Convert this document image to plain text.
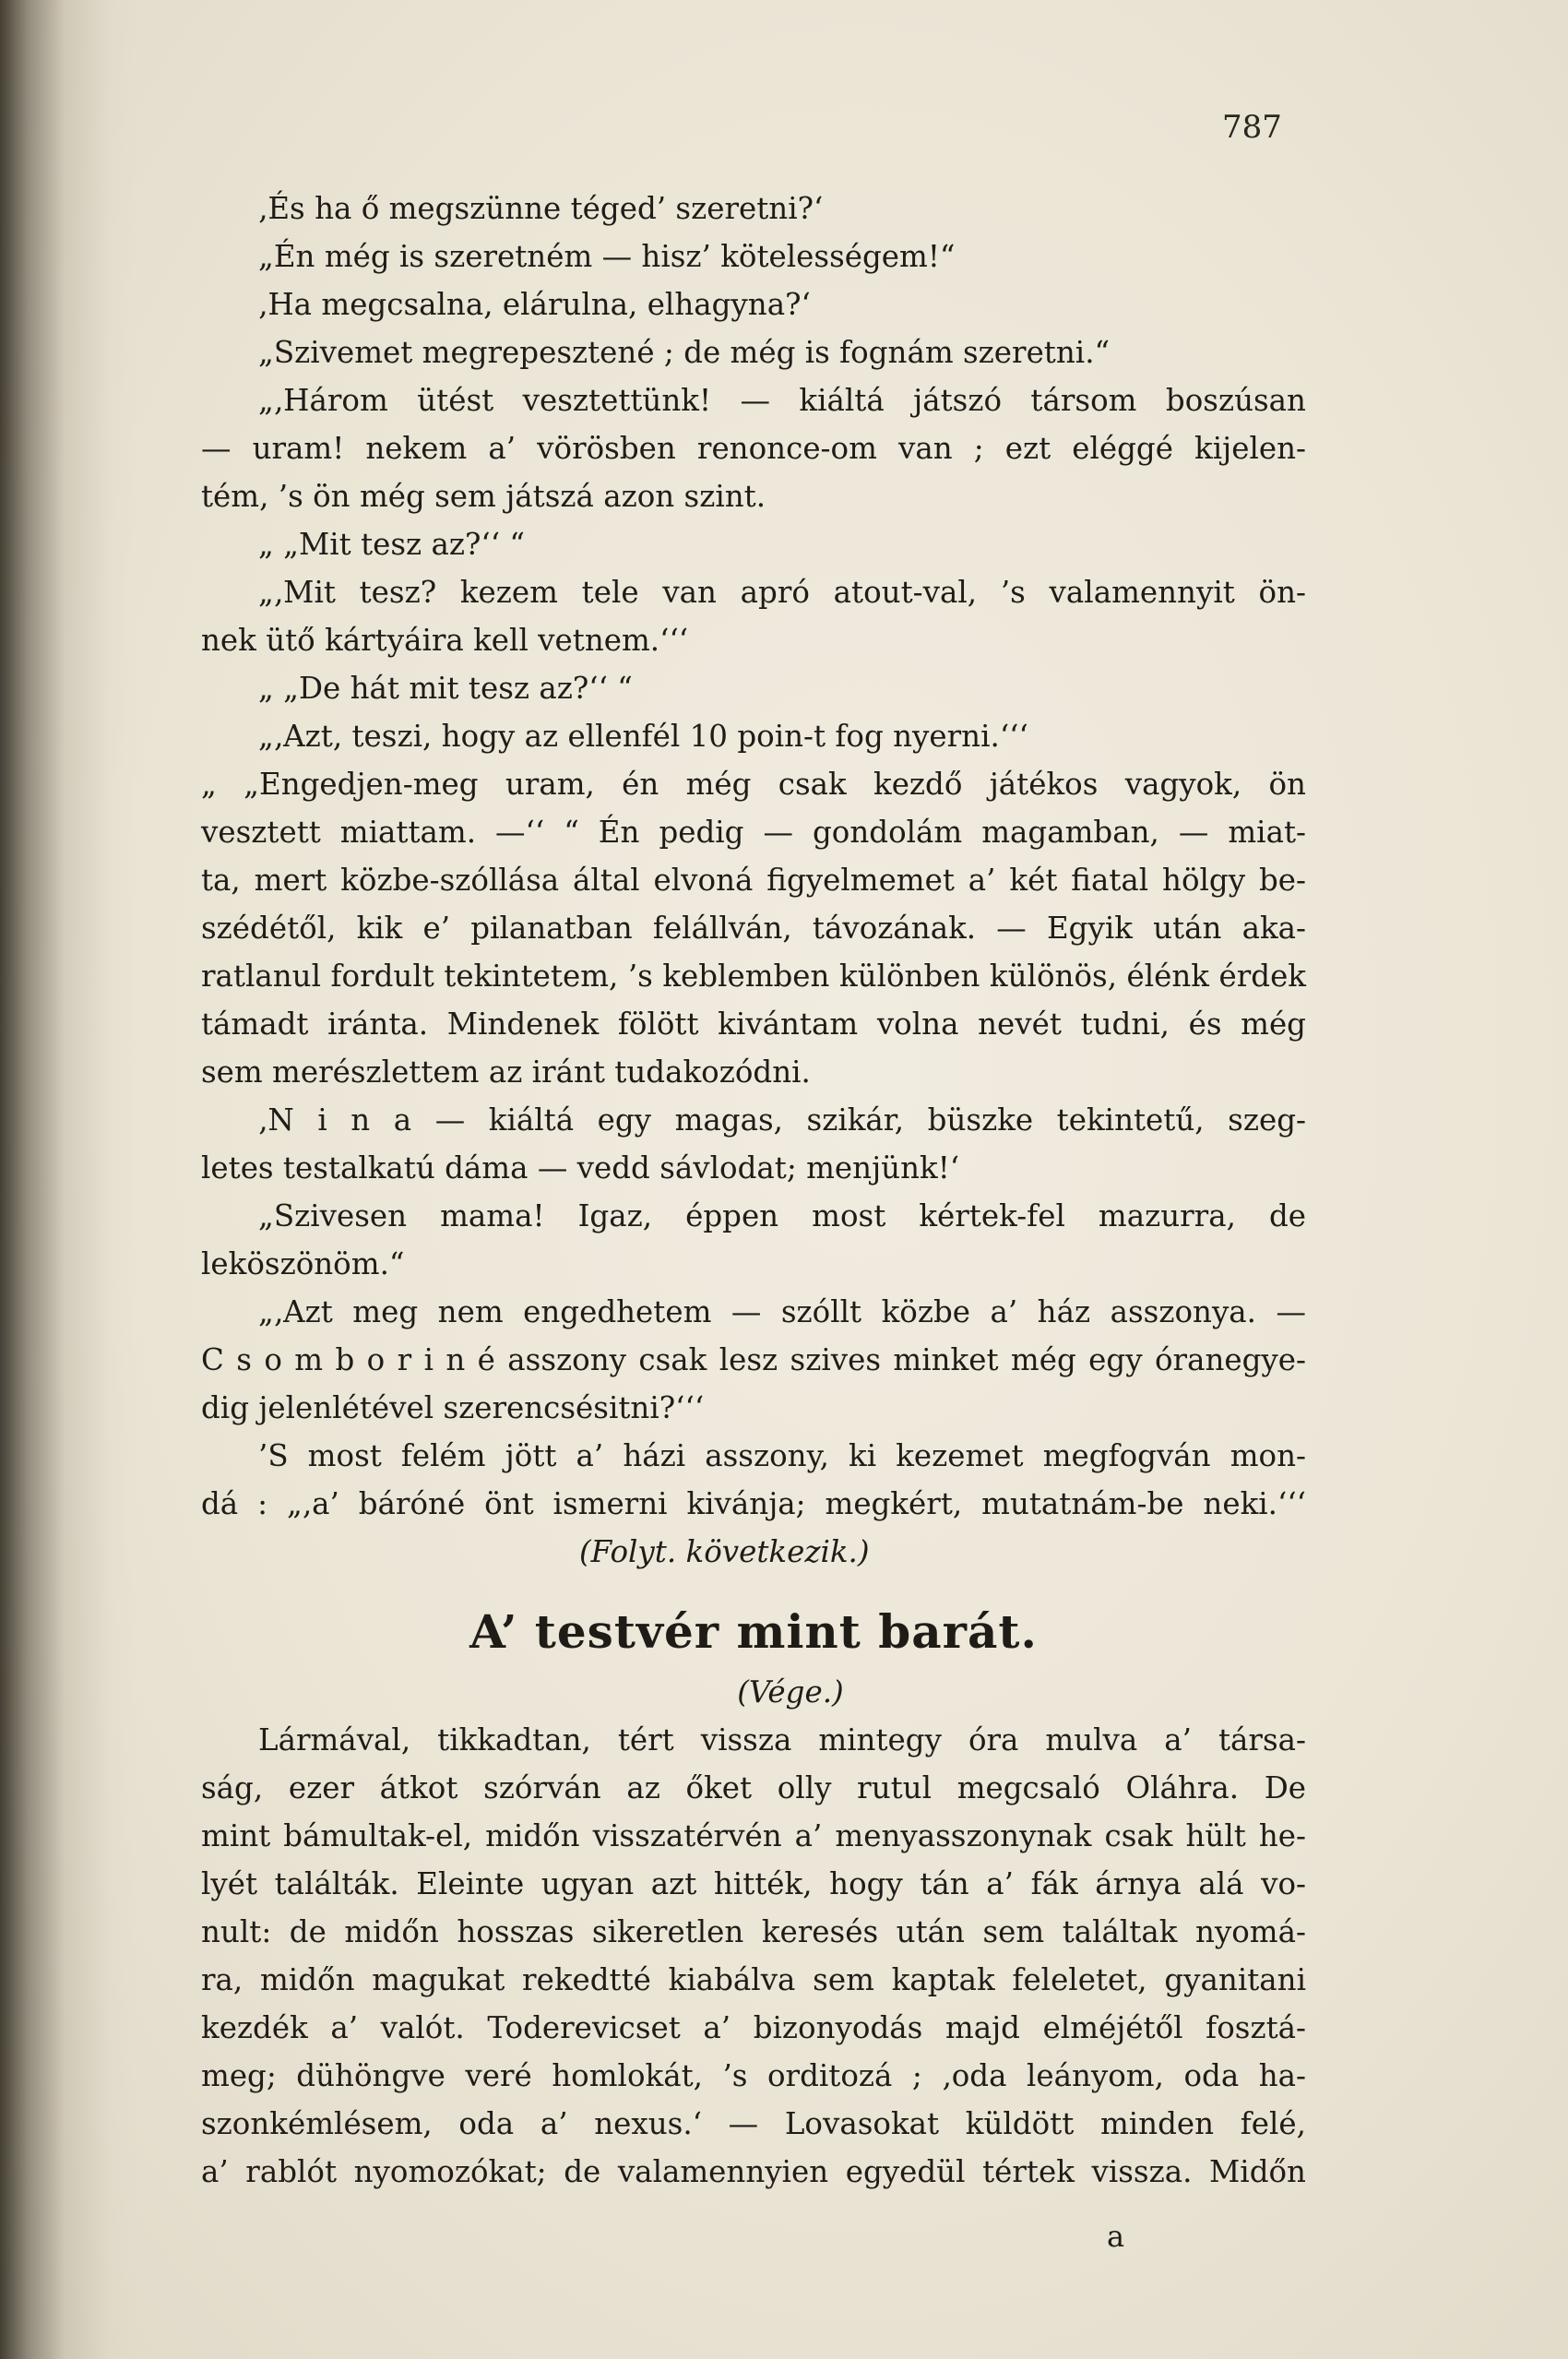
787
‚És ha ő megszünne téged’ szeretni?‘
„Én még is szeretném — hisz’ kötelességem!“
‚Ha megcsalna, elárulna, elhagyna?‘
„Szivemet megrepesztené ; de még is fognám szeretni.“
„‚Három ütést vesztettünk! — kiáltá játszó társom boszúsan
— uram! nekem a’ vörösben renonce-om van ; ezt eléggé kijelen-
tém, ’s ön még sem játszá azon szint.
„ „Mit tesz az?‘‘ “
„‚Mit tesz? kezem tele van apró atout-val, ’s valamennyit ön-
nek ütő kártyáira kell vetnem.‘‘‘
„ „De hát mit tesz az?‘‘ “
„‚Azt, teszi, hogy az ellenfél 10 poin-t fog nyerni.‘‘‘
„ „Engedjen-meg uram, én még csak kezdő játékos vagyok, ön
vesztett miattam. —‘‘ “ Én pedig — gondolám magamban, — miat-
ta, mert közbe-szóllása által elvoná figyelmemet a’ két fiatal hölgy be-
szédétől, kik e’ pilanatban felállván, távozának. — Egyik után aka-
ratlanul fordult tekintetem, ’s keblemben különben különös, élénk érdek
támadt iránta. Mindenek fölött kivántam volna nevét tudni, és még
sem merészlettem az iránt tudakozódni.
‚N i n a — kiáltá egy magas, szikár, büszke tekintetű, szeg-
letes testalkatú dáma — vedd sávlodat; menjünk!‘
„Szivesen mama! Igaz, éppen most kértek-fel mazurra, de
leköszönöm.“
„‚Azt meg nem engedhetem — szóllt közbe a’ ház asszonya. —
C s o m b o r i n é asszony csak lesz szives minket még egy óranegye-
dig jelenlétével szerencsésitni?‘‘‘
’S most felém jött a’ házi asszony, ki kezemet megfogván mon-
dá : „‚a’ báróné önt ismerni kivánja; megkért, mutatnám-be neki.‘‘‘
(Folyt. következik.)
A’ testvér mint barát.
(Vége.)
Lármával, tikkadtan, tért vissza mintegy óra mulva a’ társa-
ság, ezer átkot szórván az őket olly rutul megcsaló Oláhra. De
mint bámultak-el, midőn visszatérvén a’ menyasszonynak csak hült he-
lyét találták. Eleinte ugyan azt hitték, hogy tán a’ fák árnya alá vo-
nult: de midőn hosszas sikeretlen keresés után sem találtak nyomá-
ra, midőn magukat rekedtté kiabálva sem kaptak feleletet, gyanitani
kezdék a’ valót. Toderevicset a’ bizonyodás majd elméjétől fosztá-
meg; dühöngve veré homlokát, ’s orditozá ; ‚oda leányom, oda ha-
szonkémlésem, oda a’ nexus.‘ — Lovasokat küldött minden felé,
a’ rablót nyomozókat; de valamennyien egyedül tértek vissza. Midőn
a
